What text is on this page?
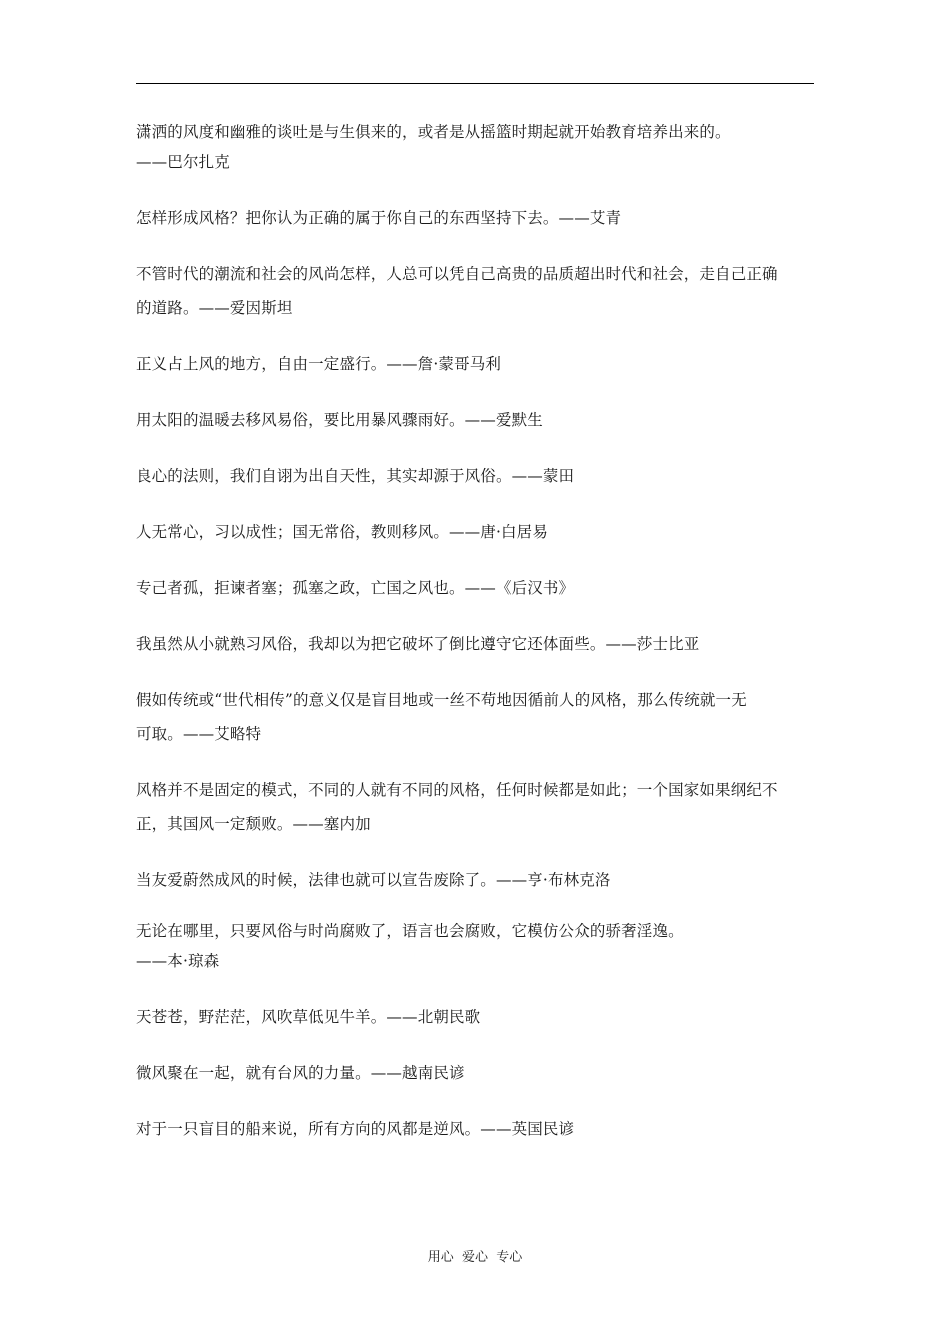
潇洒的风度和幽雅的谈吐是与生俱来的，或者是从摇篮时期起就开始教育培养出来的。
——巴尔扎克
怎样形成风格？把你认为正确的属于你自己的东西坚持下去。——艾青
不管时代的潮流和社会的风尚怎样，人总可以凭自己高贵的品质超出时代和社会，走自己正确
的道路。——爱因斯坦
正义占上风的地方，自由一定盛行。——詹·蒙哥马利
用太阳的温暖去移风易俗，要比用暴风骤雨好。——爱默生
良心的法则，我们自诩为出自天性，其实却源于风俗。——蒙田
人无常心，习以成性；国无常俗，教则移风。——唐·白居易
专己者孤，拒谏者塞；孤塞之政，亡国之风也。——《后汉书》
我虽然从小就熟习风俗，我却以为把它破坏了倒比遵守它还体面些。——莎士比亚
假如传统或“世代相传”的意义仅是盲目地或一丝不苟地因循前人的风格，那么传统就一无
可取。——艾略特
风格并不是固定的模式，不同的人就有不同的风格，任何时候都是如此；一个国家如果纲纪不
正，其国风一定颓败。——塞内加
当友爱蔚然成风的时候，法律也就可以宣告废除了。——亨·布林克洛
无论在哪里，只要风俗与时尚腐败了，语言也会腐败，它模仿公众的骄奢淫逸。
——本·琼森
天苍苍，野茫茫，风吹草低见牛羊。——北朝民歌
微风聚在一起，就有台风的力量。——越南民谚
对于一只盲目的船来说，所有方向的风都是逆风。——英国民谚
用心  爱心  专心
